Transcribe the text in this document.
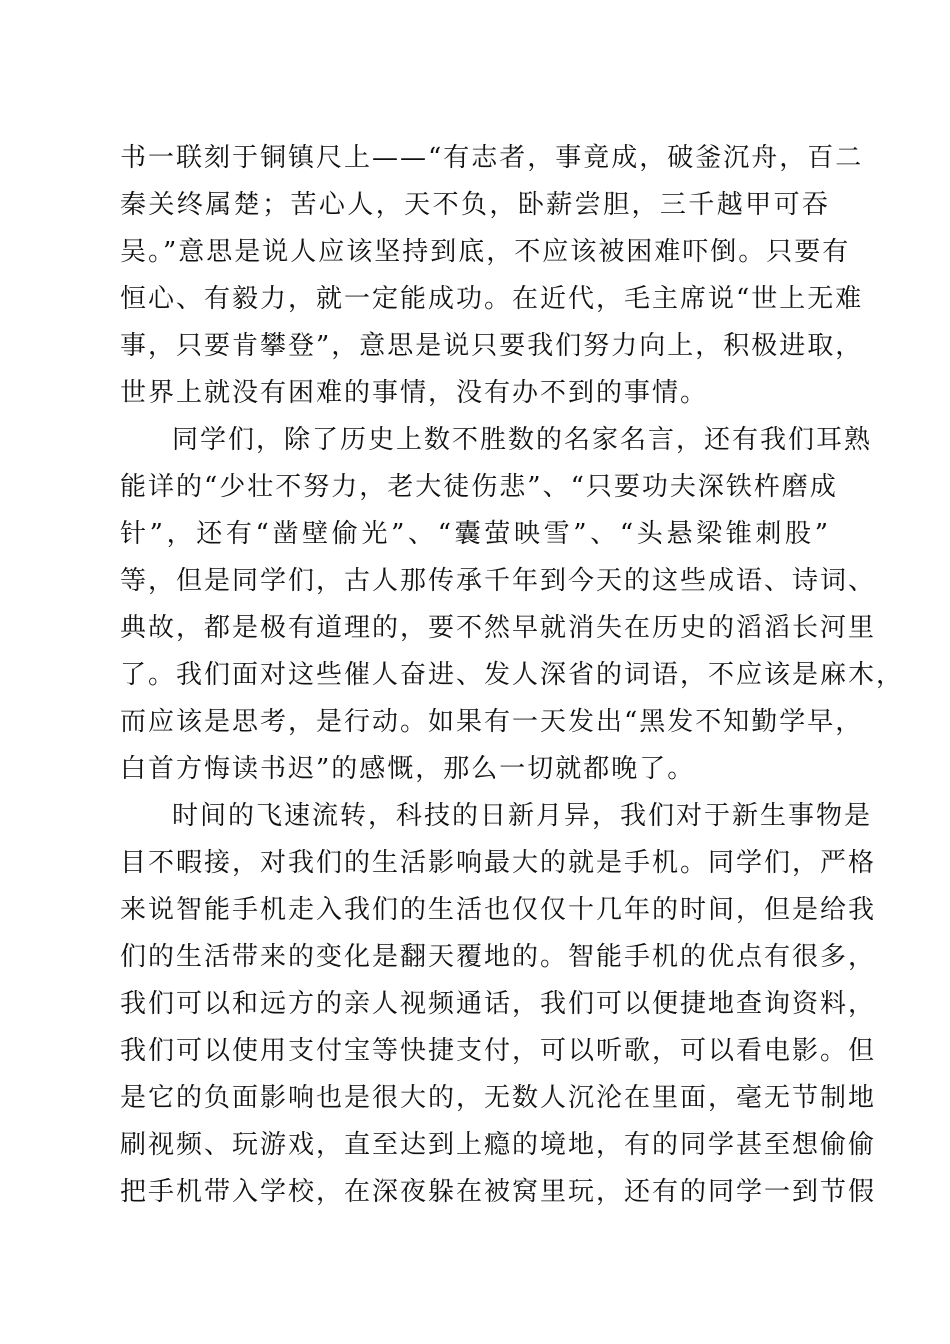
书一联刻于铜镇尺上——“有志者，事竟成，破釜沉舟，百二
秦关终属楚；苦心人，天不负，卧薪尝胆，三千越甲可吞
吴。”意思是说人应该坚持到底，不应该被困难吓倒。只要有
恒心、有毅力，就一定能成功。在近代，毛主席说“世上无难
事，只要肯攀登”，意思是说只要我们努力向上，积极进取，
世界上就没有困难的事情，没有办不到的事情。
同学们，除了历史上数不胜数的名家名言，还有我们耳熟
能详的“少壮不努力，老大徒伤悲”、“只要功夫深铁杵磨成
针”，还有“凿壁偷光”、“囊萤映雪”、“头悬梁锥刺股”
等，但是同学们，古人那传承千年到今天的这些成语、诗词、
典故，都是极有道理的，要不然早就消失在历史的滔滔长河里
了。我们面对这些催人奋进、发人深省的词语，不应该是麻木，
而应该是思考，是行动。如果有一天发出“黑发不知勤学早，
白首方悔读书迟”的感慨，那么一切就都晚了。
时间的飞速流转，科技的日新月异，我们对于新生事物是
目不暇接，对我们的生活影响最大的就是手机。同学们，严格
来说智能手机走入我们的生活也仅仅十几年的时间，但是给我
们的生活带来的变化是翻天覆地的。智能手机的优点有很多，
我们可以和远方的亲人视频通话，我们可以便捷地查询资料，
我们可以使用支付宝等快捷支付，可以听歌，可以看电影。但
是它的负面影响也是很大的，无数人沉沦在里面，毫无节制地
刷视频、玩游戏，直至达到上瘾的境地，有的同学甚至想偷偷
把手机带入学校，在深夜躲在被窝里玩，还有的同学一到节假
